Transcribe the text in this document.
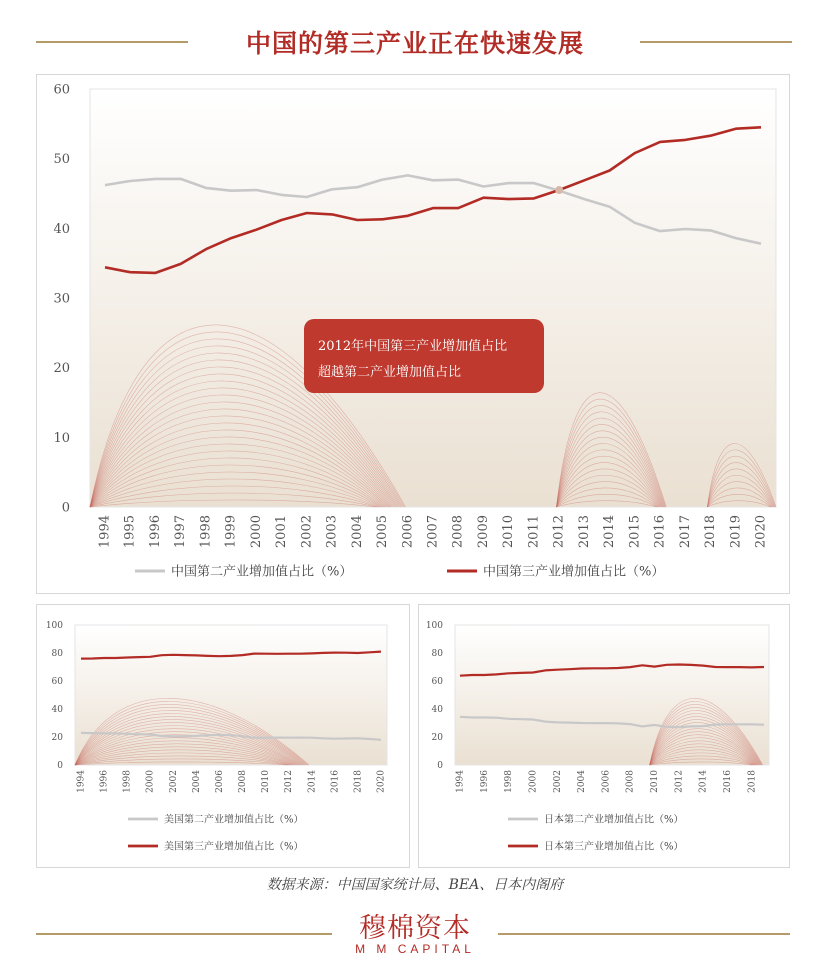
中国的第三产业正在快速发展
0
10
20
30
40
50
60
1994 1995 1996 1997 1998 1999 2000 2001 2002 2003 2004 2005 2006 2007 2008 2009 2010 2011 2012 2013 2014 2015 2016 2017 2018 2019 2020
中国第二产业增加值占比（%）	中国第三产业增加值占比（%）
2012年中国第三产业增加值占比
超越第二产业增加值占比
0
20
40
60
80
100
1994 1996 1998 2000 2002 2004 2006 2008 2010 2012 2014 2016 2018 2020
美国第二产业增加值占比（%）
美国第三产业增加值占比（%）
0
20
40
60
80
100
1994 1996 1998 2000 2002 2004 2006 2008 2010 2012 2014 2016 2018
日本第二产业增加值占比（%）
日本第三产业增加值占比（%）
数据来源：中国国家统计局、BEA、日本内阁府
穆棉资本
M M CAPITAL
